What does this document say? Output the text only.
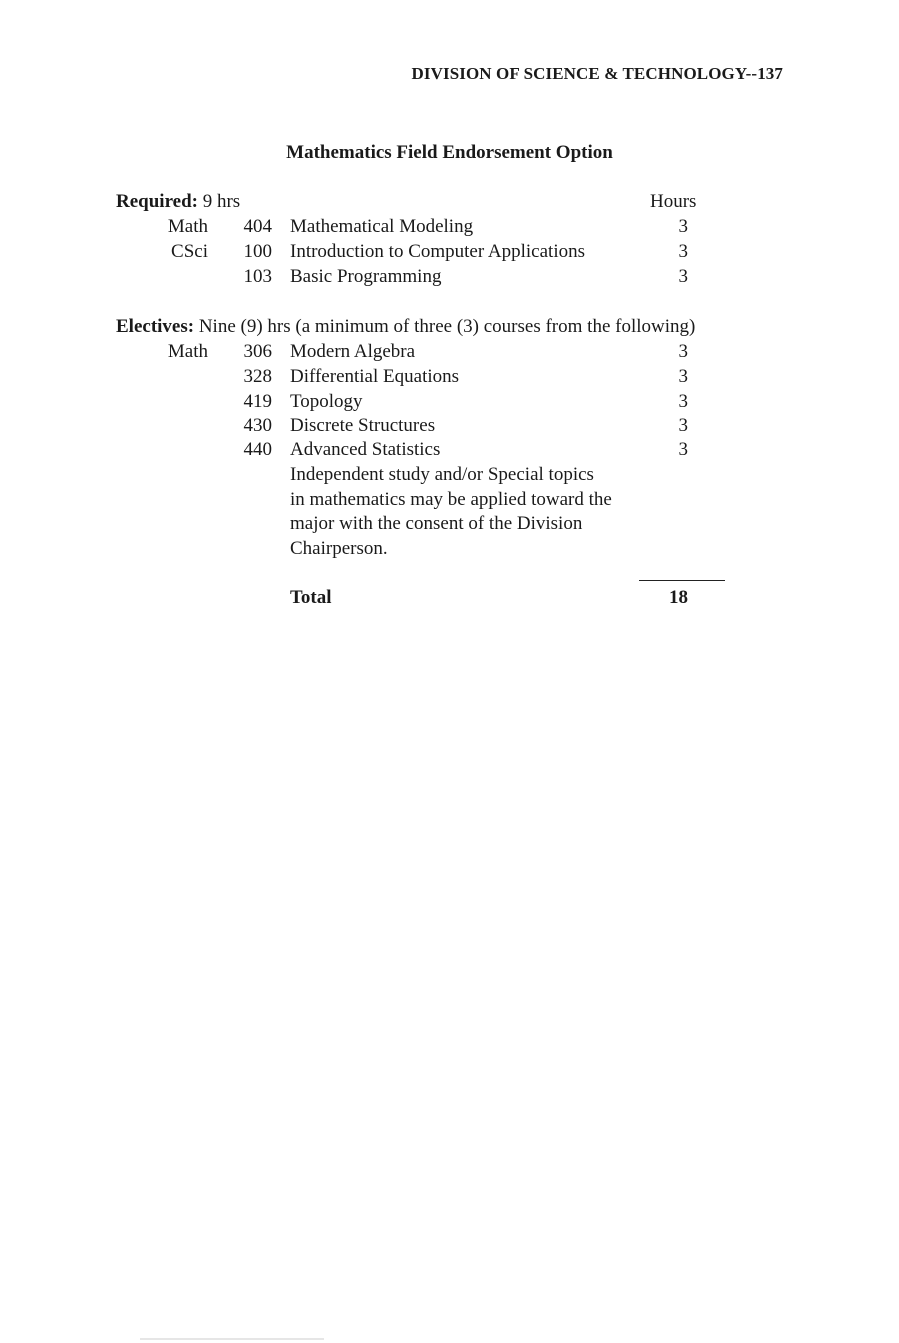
DIVISION OF SCIENCE & TECHNOLOGY--137
Mathematics Field Endorsement Option
Required: 9 hrs	Hours
Math	404 Mathematical Modeling	3
CSci	100 Introduction to Computer Applications	3
103 Basic Programming	3
Electives: Nine (9) hrs (a minimum of three (3) courses from the following)
Math	306 Modern Algebra	3
328 Differential Equations	3
419 Topology	3
430 Discrete Structures	3
440 Advanced Statistics	3
Independent study and/or Special topics
in mathematics may be applied toward the
major with the consent of the Division
Chairperson.
Total	18
